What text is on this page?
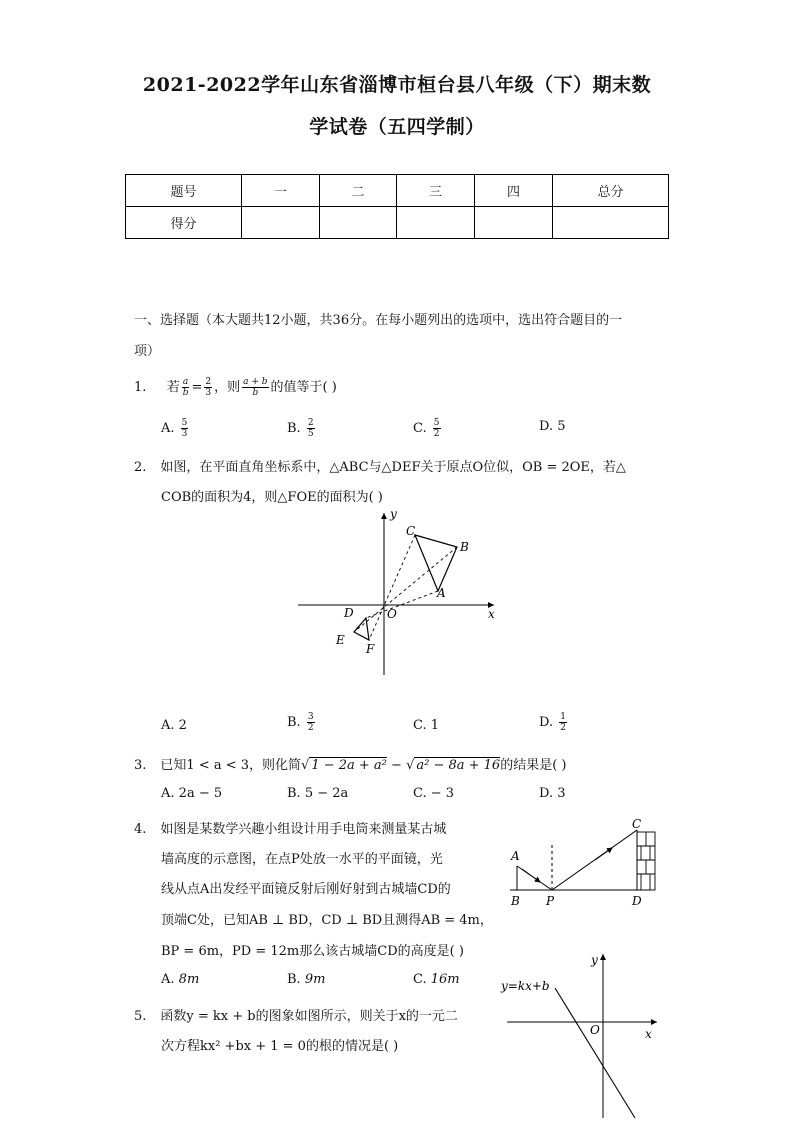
2021-2022学年山东省淄博市桓台县八年级（下）期末数
学试卷（五四学制）
题号	一	二	三	四	总分
得分					
一、选择题（本大题共12小题，共36分。在每小题列出的选项中，选出符合题目的一
项）
1. 若 $\frac{a}{b} = \frac{2}{3}$ ，则 $\frac{a + b}{b}$ 的值等于( )
A. $\frac{5}{3}$	B. $\frac{2}{5}$	C. $\frac{5}{2}$	D. 5
2. 如图，在平面直角坐标系中，△ABC与△DEF关于原点O位似，OB = 2OE，若△
COB的面积为4，则△FOE的面积为( )
y
x
O
C
B
A
D
E
F
A. 2	B. $\frac{3}{2}$	C. 1	D. $\frac{1}{2}$
3. 已知1 < a < 3，则化简√ 1 − 2a + a² − √ a² − 8a + 16的结果是( )
A. 2a − 5	B. 5 − 2a	C. − 3	D. 3
4. 如图是某数学兴趣小组设计用手电筒来测量某古城
墙高度的示意图，在点P处放一水平的平面镜，光
线从点A出发经平面镜反射后刚好射到古城墙CD的
顶端C处，已知AB ⊥ BD，CD ⊥ BD且测得AB = 4m，
BP = 6m，PD = 12m那么该古城墙CD的高度是( )
A
B P
C
D
A. 8m	B. 9m	C. 16m
5. 函数y = kx + b的图象如图所示，则关于x的一元二
次方程kx² +bx + 1 = 0的根的情况是( )
y
x
O
y=kx+b
